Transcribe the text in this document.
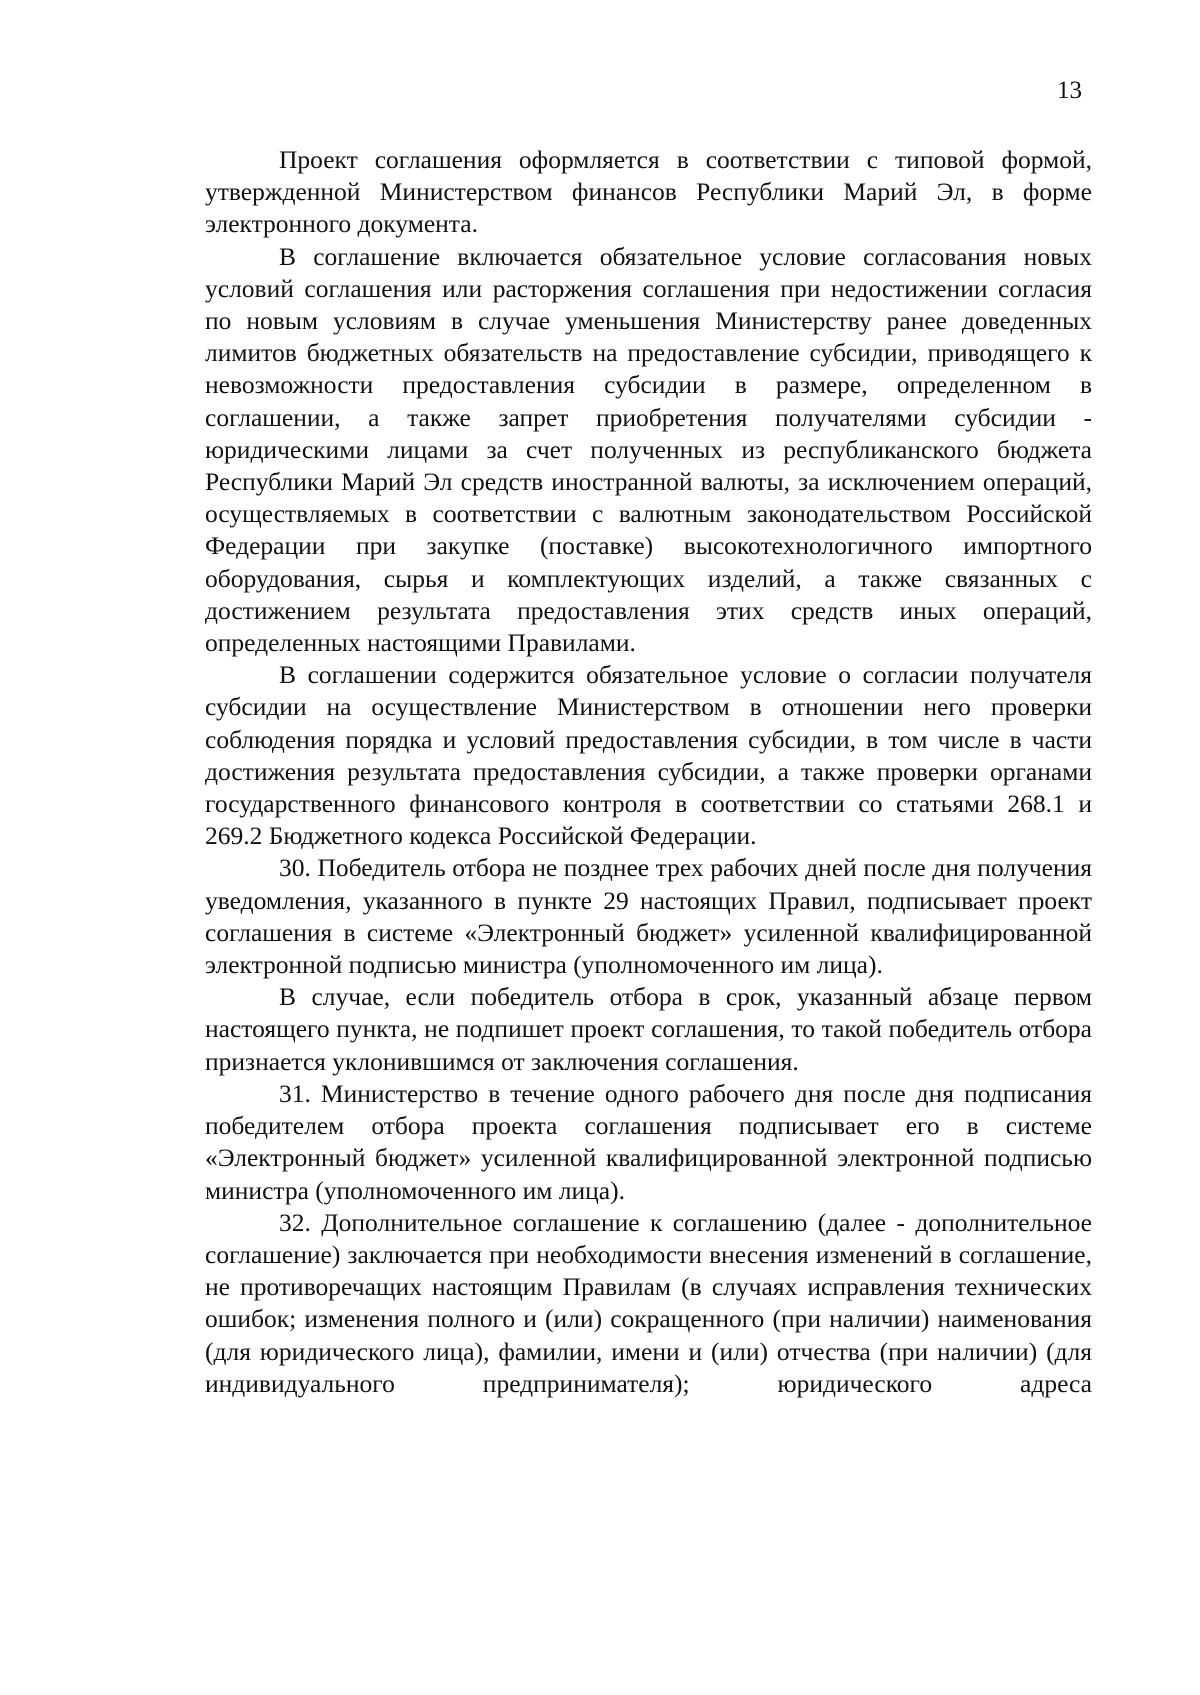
13

Проект соглашения оформляется в соответствии с типовой формой, утвержденной Министерством финансов Республики Марий Эл, в форме электронного документа.

В соглашение включается обязательное условие согласования новых условий соглашения или расторжения соглашения при недостижении согласия по новым условиям в случае уменьшения Министерству ранее доведенных лимитов бюджетных обязательств на предоставление субсидии, приводящего к невозможности предоставления субсидии в размере, определенном в соглашении, а также запрет приобретения получателями субсидии - юридическими лицами за счет полученных из республиканского бюджета Республики Марий Эл средств иностранной валюты, за исключением операций, осуществляемых в соответствии с валютным законодательством Российской Федерации при закупке (поставке) высокотехнологичного импортного оборудования, сырья и комплектующих изделий, а также связанных с достижением результата предоставления этих средств иных операций, определенных настоящими Правилами.

В соглашении содержится обязательное условие о согласии получателя субсидии на осуществление Министерством в отношении него проверки соблюдения порядка и условий предоставления субсидии, в том числе в части достижения результата предоставления субсидии, а также проверки органами государственного финансового контроля в соответствии со статьями 268.1 и 269.2 Бюджетного кодекса Российской Федерации.

30. Победитель отбора не позднее трех рабочих дней после дня получения уведомления, указанного в пункте 29 настоящих Правил, подписывает проект соглашения в системе «Электронный бюджет» усиленной квалифицированной электронной подписью министра (уполномоченного им лица).

В случае, если победитель отбора в срок, указанный абзаце первом настоящего пункта, не подпишет проект соглашения, то такой победитель отбора признается уклонившимся от заключения соглашения.

31. Министерство в течение одного рабочего дня после дня подписания победителем отбора проекта соглашения подписывает его в системе «Электронный бюджет» усиленной квалифицированной электронной подписью министра (уполномоченного им лица).

32. Дополнительное соглашение к соглашению (далее - дополнительное соглашение) заключается при необходимости внесения изменений в соглашение, не противоречащих настоящим Правилам (в случаях исправления технических ошибок; изменения полного и (или) сокращенного (при наличии) наименования (для юридического лица), фамилии, имени и (или) отчества (при наличии) (для индивидуального предпринимателя); юридического адреса
